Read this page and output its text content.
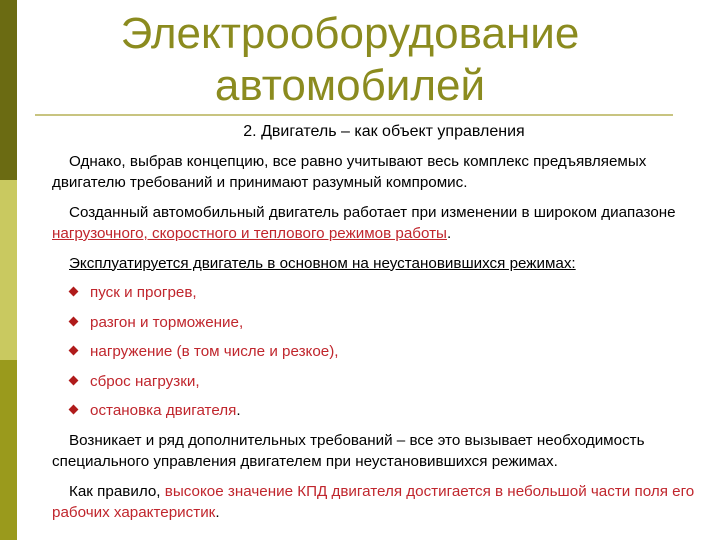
Электрооборудование автомобилей
2. Двигатель – как объект управления

Однако, выбрав концепцию, все равно учитывают весь комплекс предъявляемых двигателю требований и принимают разумный компромис.

Созданный автомобильный двигатель работает при изменении в широком диапазоне нагрузочного, скоростного и теплового режимов работы.

Эксплуатируется двигатель в основном на неустановившихся режимах:

пуск и прогрев,
разгон и торможение,
нагружение (в том числе и резкое),
сброс нагрузки,
остановка двигателя.

Возникает и ряд дополнительных требований – все это вызывает необходимость специального управления двигателем при неустановившихся режимах.

Как правило, высокое значение КПД двигателя достигается в небольшой части поля его рабочих характеристик.
